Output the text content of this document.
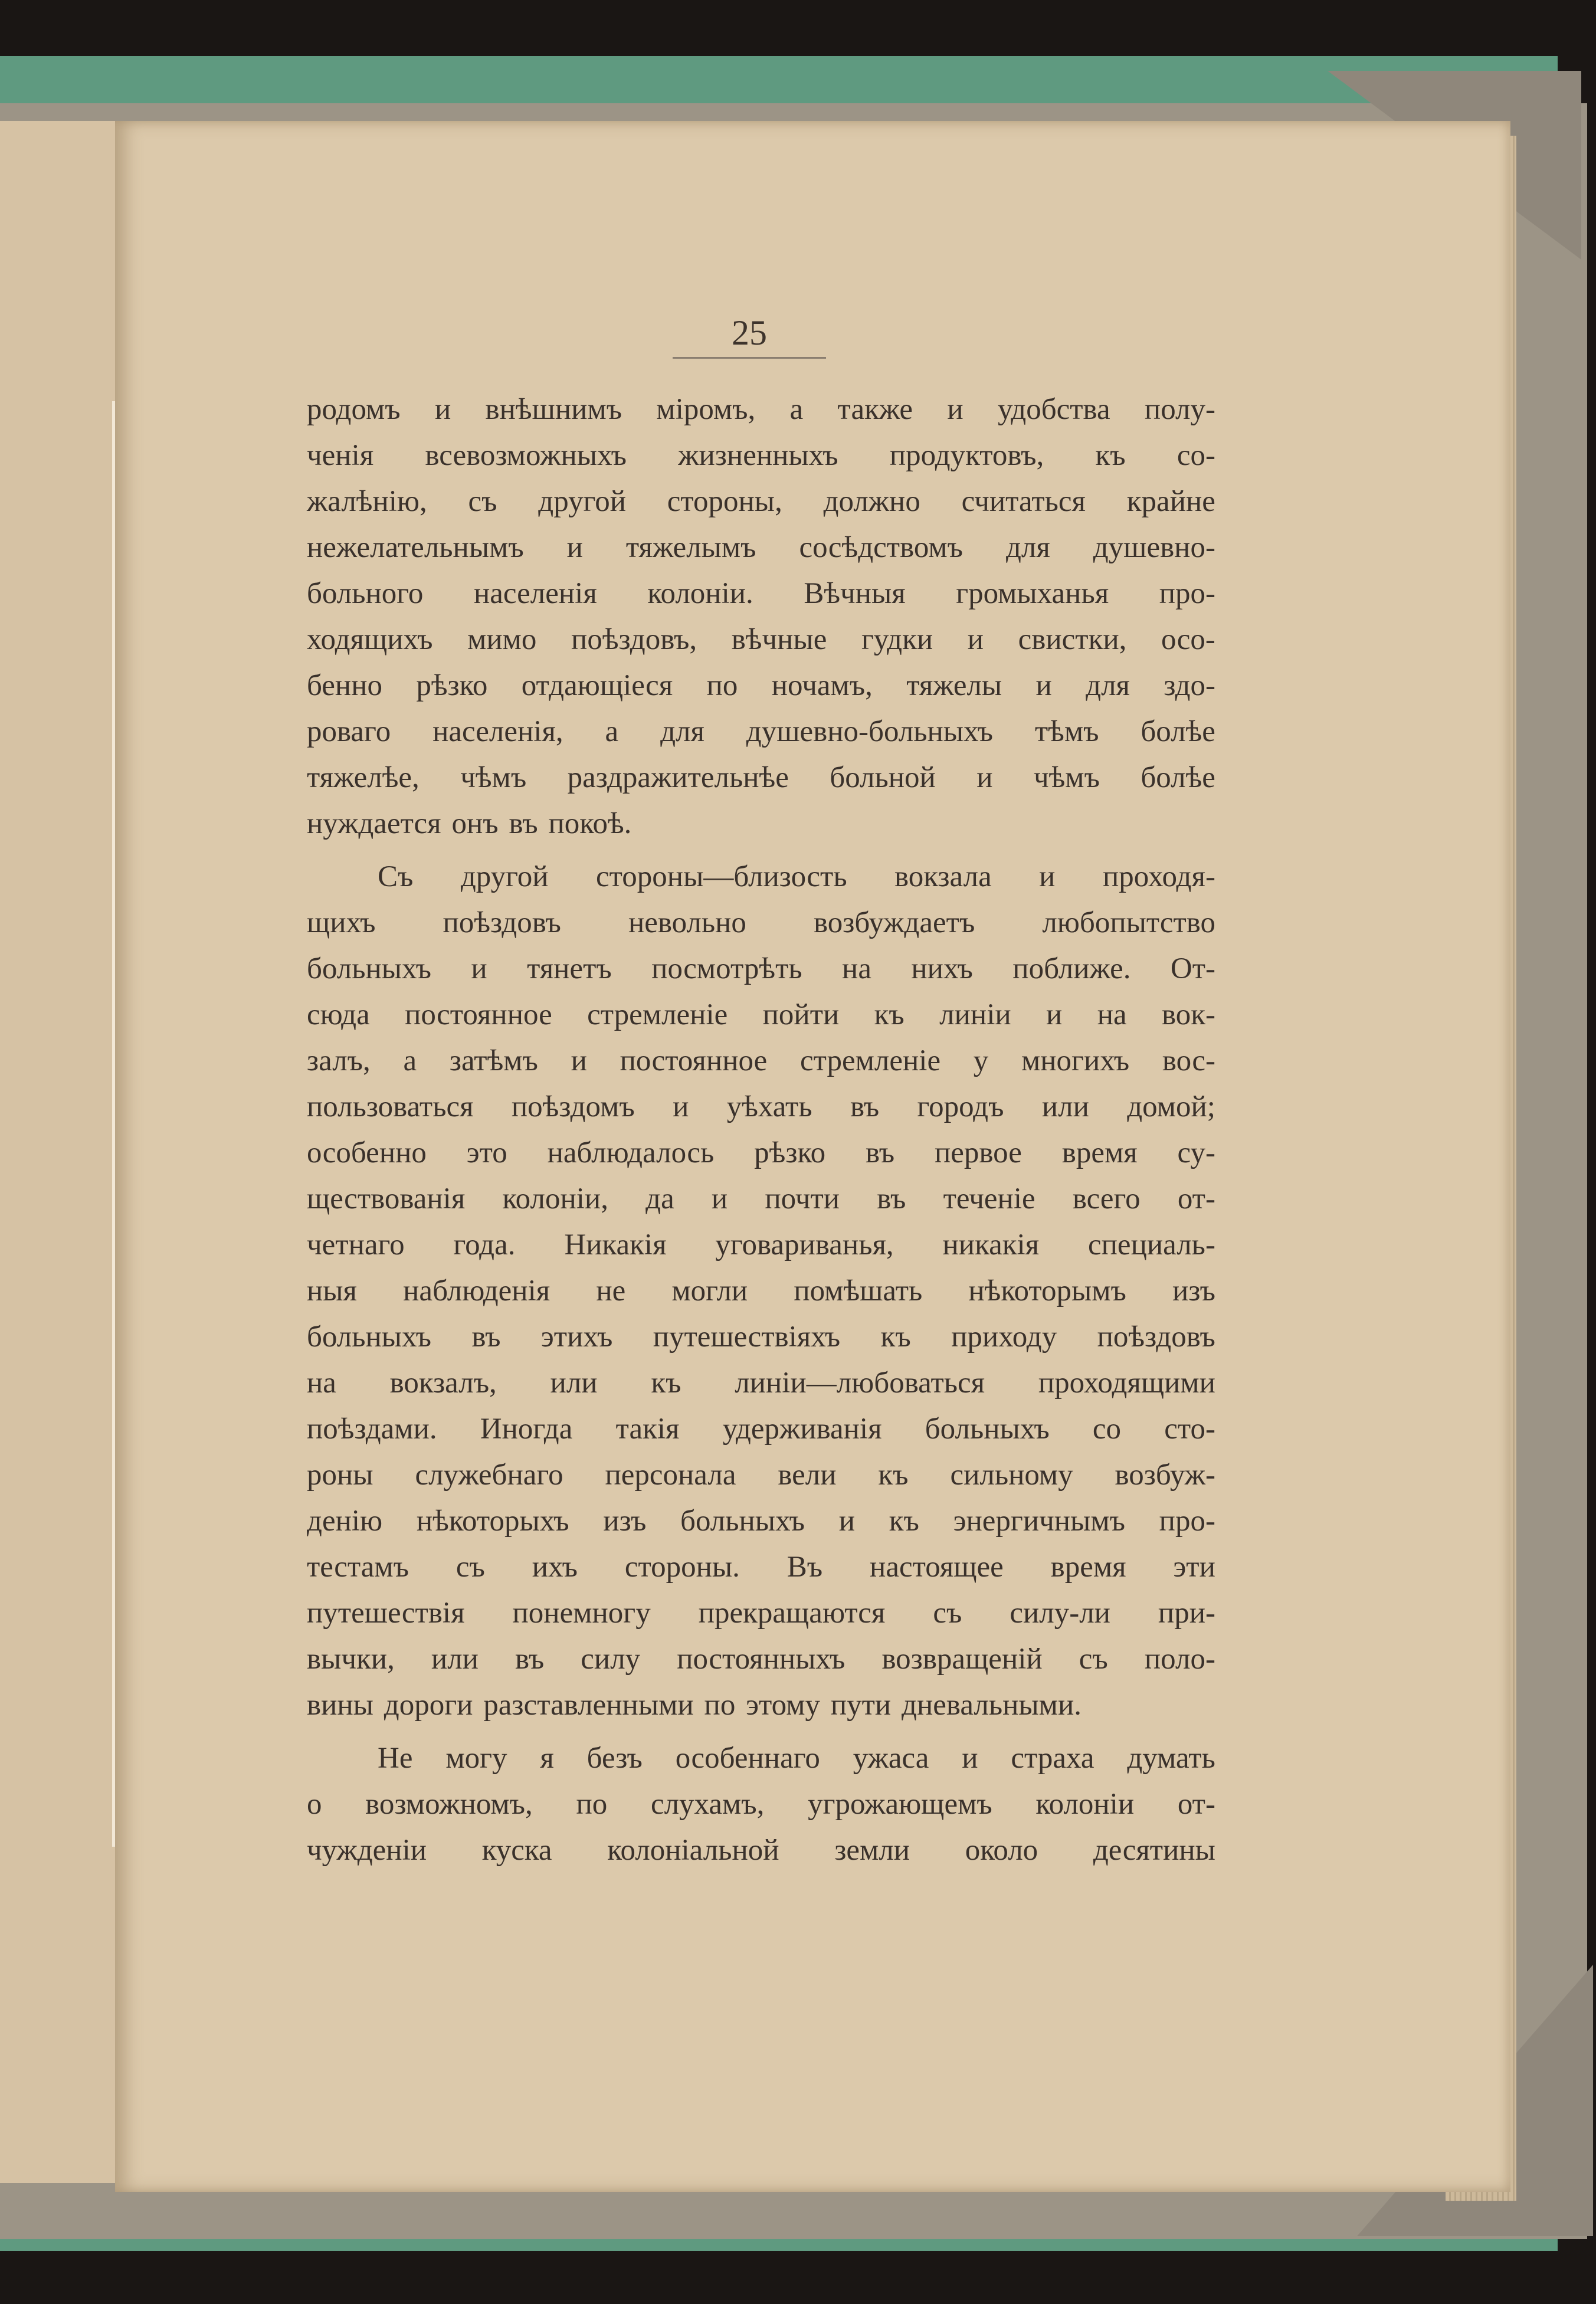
25
родомъ и внѣшнимъ міромъ, а также и удобства полу-
ченія всевозможныхъ жизненныхъ продуктовъ, къ со-
жалѣнію, съ другой стороны, должно считаться крайне
нежелательнымъ и тяжелымъ сосѣдствомъ для душевно-
больного населенія колоніи. Вѣчныя громыханья про-
ходящихъ мимо поѣздовъ, вѣчные гудки и свистки, осо-
бенно рѣзко отдающіеся по ночамъ, тяжелы и для здо-
роваго населенія, а для душевно-больныхъ тѣмъ болѣе
тяжелѣе, чѣмъ раздражительнѣе больной и чѣмъ болѣе
нуждается онъ въ покоѣ.
Съ другой стороны—близость вокзала и проходя-
щихъ поѣздовъ невольно возбуждаетъ любопытство
больныхъ и тянетъ посмотрѣть на нихъ поближе. От-
сюда постоянное стремленіе пойти къ линіи и на вок-
залъ, а затѣмъ и постоянное стремленіе у многихъ вос-
пользоваться поѣздомъ и уѣхать въ городъ или домой;
особенно это наблюдалось рѣзко въ первое время су-
ществованія колоніи, да и почти въ теченіе всего от-
четнаго года. Никакія уговариванья, никакія специаль-
ныя наблюденія не могли помѣшать нѣкоторымъ изъ
больныхъ въ этихъ путешествіяхъ къ приходу поѣздовъ
на вокзалъ, или къ линіи—любоваться проходящими
поѣздами. Иногда такія удерживанія больныхъ со сто-
роны служебнаго персонала вели къ сильному возбуж-
денію нѣкоторыхъ изъ больныхъ и къ энергичнымъ про-
тестамъ съ ихъ стороны. Въ настоящее время эти
путешествія понемногу прекращаются съ силу-ли при-
вычки, или въ силу постоянныхъ возвращеній съ поло-
вины дороги разставленными по этому пути дневальными.
Не могу я безъ особеннаго ужаса и страха думать
о возможномъ, по слухамъ, угрожающемъ колоніи от-
чужденіи куска колоніальной земли около десятины
